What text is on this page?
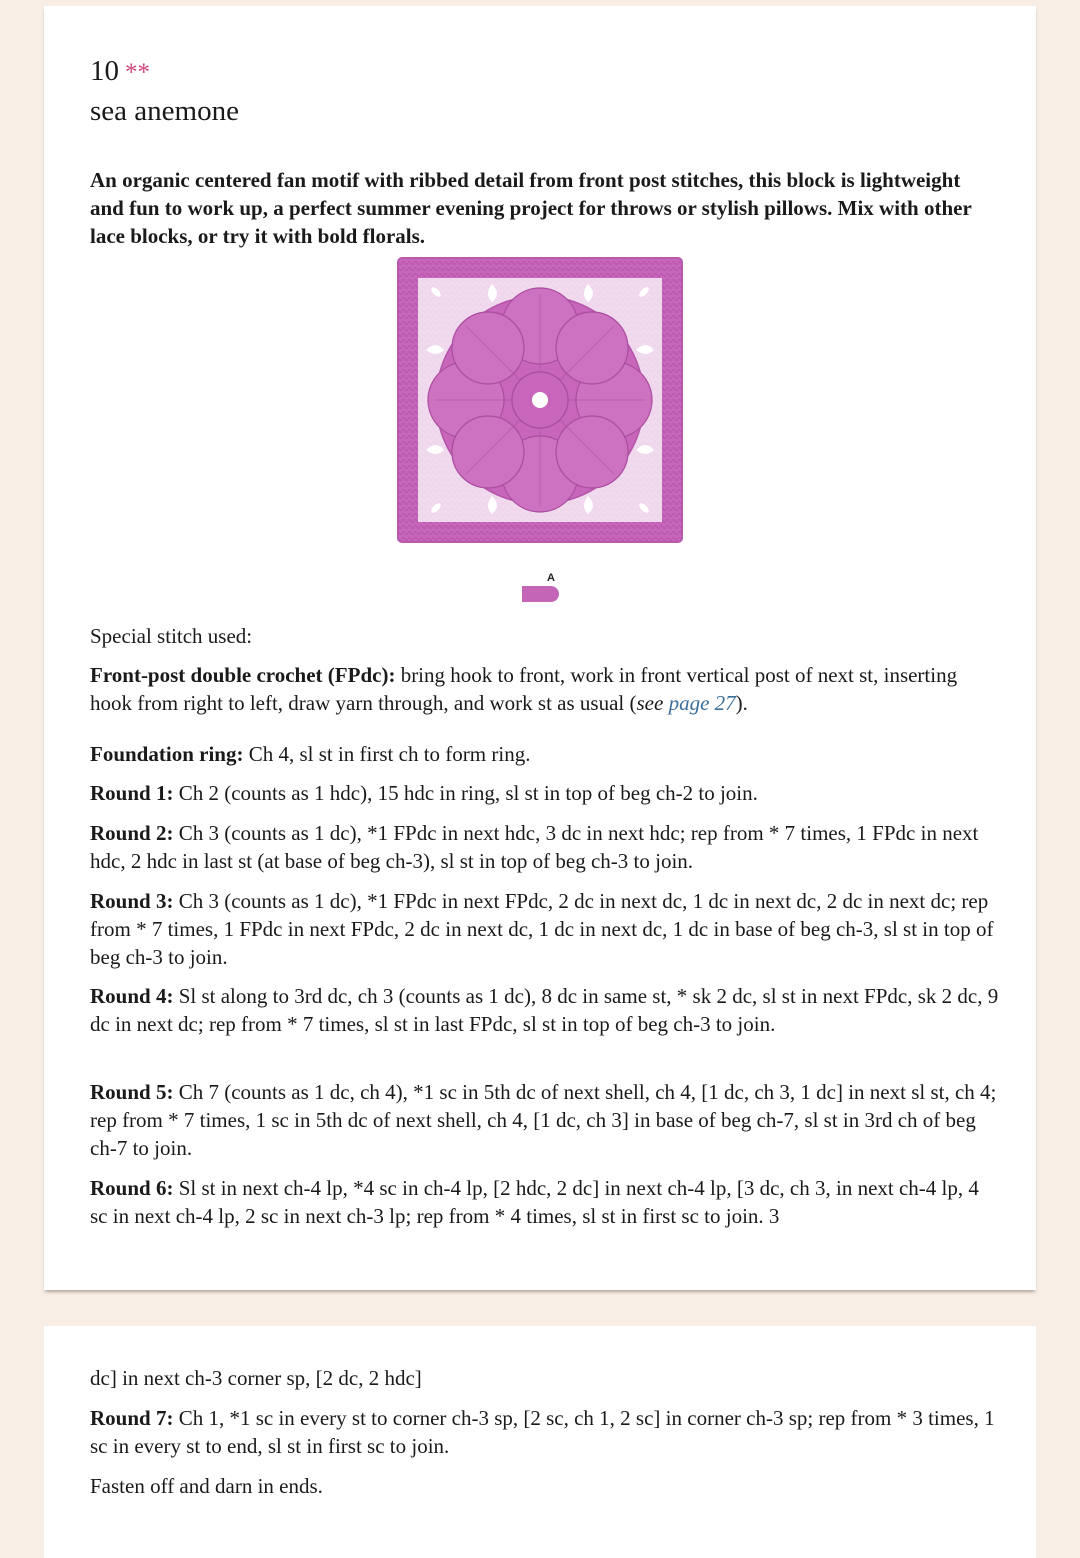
10 **
sea anemone

An organic centered fan motif with ribbed detail from front post stitches, this block is lightweight and fun to work up, a perfect summer evening project for throws or stylish pillows. Mix with other lace blocks, or try it with bold florals.

A

Special stitch used:

Front-post double crochet (FPdc): bring hook to front, work in front vertical post of next st, inserting hook from right to left, draw yarn through, and work st as usual (see page 27).

Foundation ring: Ch 4, sl st in first ch to form ring.

Round 1: Ch 2 (counts as 1 hdc), 15 hdc in ring, sl st in top of beg ch-2 to join.

Round 2: Ch 3 (counts as 1 dc), *1 FPdc in next hdc, 3 dc in next hdc; rep from * 7 times, 1 FPdc in next hdc, 2 hdc in last st (at base of beg ch-3), sl st in top of beg ch-3 to join.

Round 3: Ch 3 (counts as 1 dc), *1 FPdc in next FPdc, 2 dc in next dc, 1 dc in next dc, 2 dc in next dc; rep from * 7 times, 1 FPdc in next FPdc, 2 dc in next dc, 1 dc in next dc, 1 dc in base of beg ch-3, sl st in top of beg ch-3 to join.

Round 4: Sl st along to 3rd dc, ch 3 (counts as 1 dc), 8 dc in same st, * sk 2 dc, sl st in next FPdc, sk 2 dc, 9 dc in next dc; rep from * 7 times, sl st in last FPdc, sl st in top of beg ch-3 to join.

Round 5: Ch 7 (counts as 1 dc, ch 4), *1 sc in 5th dc of next shell, ch 4, [1 dc, ch 3, 1 dc] in next sl st, ch 4; rep from * 7 times, 1 sc in 5th dc of next shell, ch 4, [1 dc, ch 3] in base of beg ch-7, sl st in 3rd ch of beg ch-7 to join.

Round 6: Sl st in next ch-4 lp, *4 sc in ch-4 lp, [2 hdc, 2 dc] in next ch-4 lp, [3 dc, ch 3, in next ch-4 lp, 4 sc in next ch-4 lp, 2 sc in next ch-3 lp; rep from * 4 times, sl st in first sc to join. 3

dc] in next ch-3 corner sp, [2 dc, 2 hdc]

Round 7: Ch 1, *1 sc in every st to corner ch-3 sp, [2 sc, ch 1, 2 sc] in corner ch-3 sp; rep from * 3 times, 1 sc in every st to end, sl st in first sc to join.

Fasten off and darn in ends.
